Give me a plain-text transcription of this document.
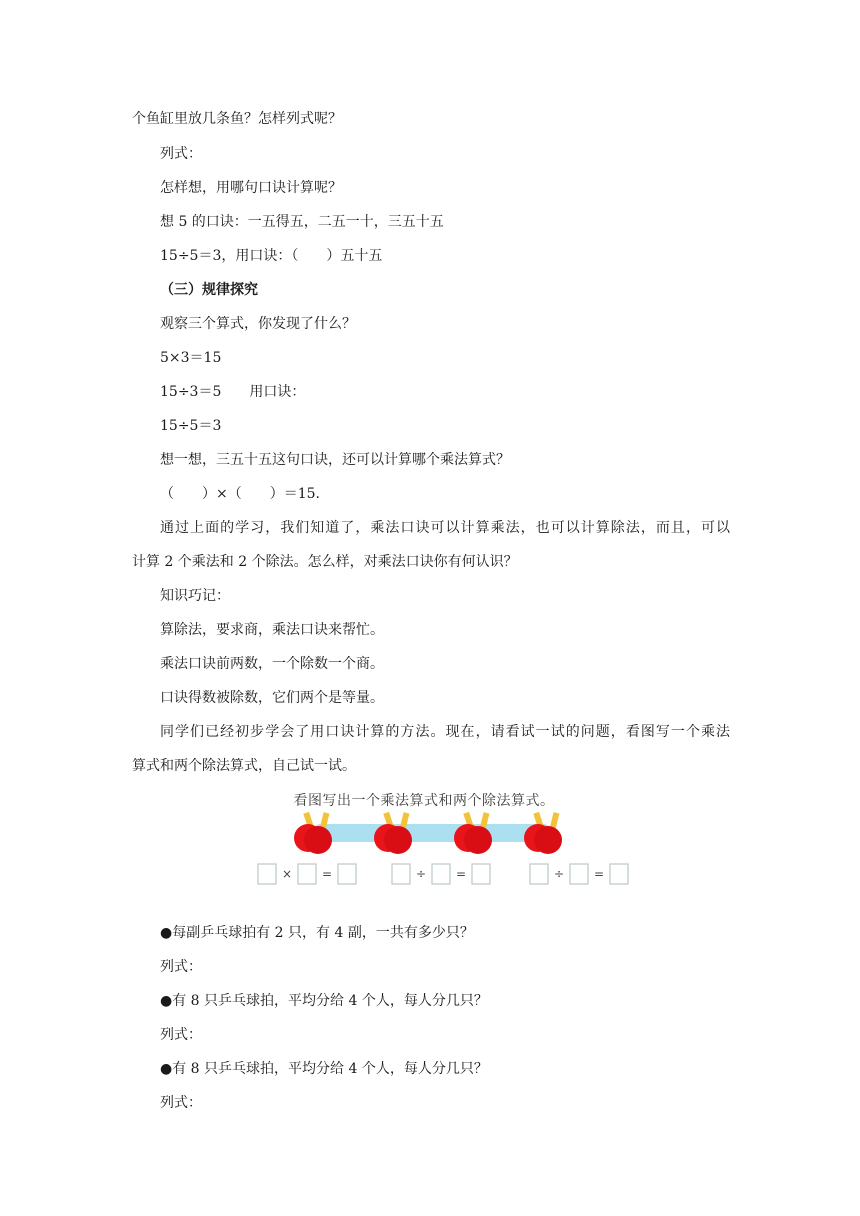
个鱼缸里放几条鱼？怎样列式呢？
列式：
怎样想，用哪句口诀计算呢？
想 5 的口诀：一五得五，二五一十，三五十五
15÷5＝3，用口诀：（　　）五十五
（三）规律探究
观察三个算式，你发现了什么？
5×3＝15
15÷3＝5　　用口诀：
15÷5＝3
想一想，三五十五这句口诀，还可以计算哪个乘法算式？
（　　）×（　　）＝15.
通过上面的学习，我们知道了，乘法口诀可以计算乘法，也可以计算除法，而且，可以
计算 2 个乘法和 2 个除法。怎么样，对乘法口诀你有何认识？
知识巧记：
算除法，要求商，乘法口诀来帮忙。
乘法口诀前两数，一个除数一个商。
口诀得数被除数，它们两个是等量。
同学们已经初步学会了用口诀计算的方法。现在，请看试一试的问题，看图写一个乘法
算式和两个除法算式，自己试一试。
看图写出一个乘法算式和两个除法算式。
× =	÷ =	÷ =
●每副乒乓球拍有 2 只，有 4 副，一共有多少只？
列式：
●有 8 只乒乓球拍，平均分给 4 个人，每人分几只？
列式：
●有 8 只乒乓球拍，平均分给 4 个人，每人分几只？
列式：
